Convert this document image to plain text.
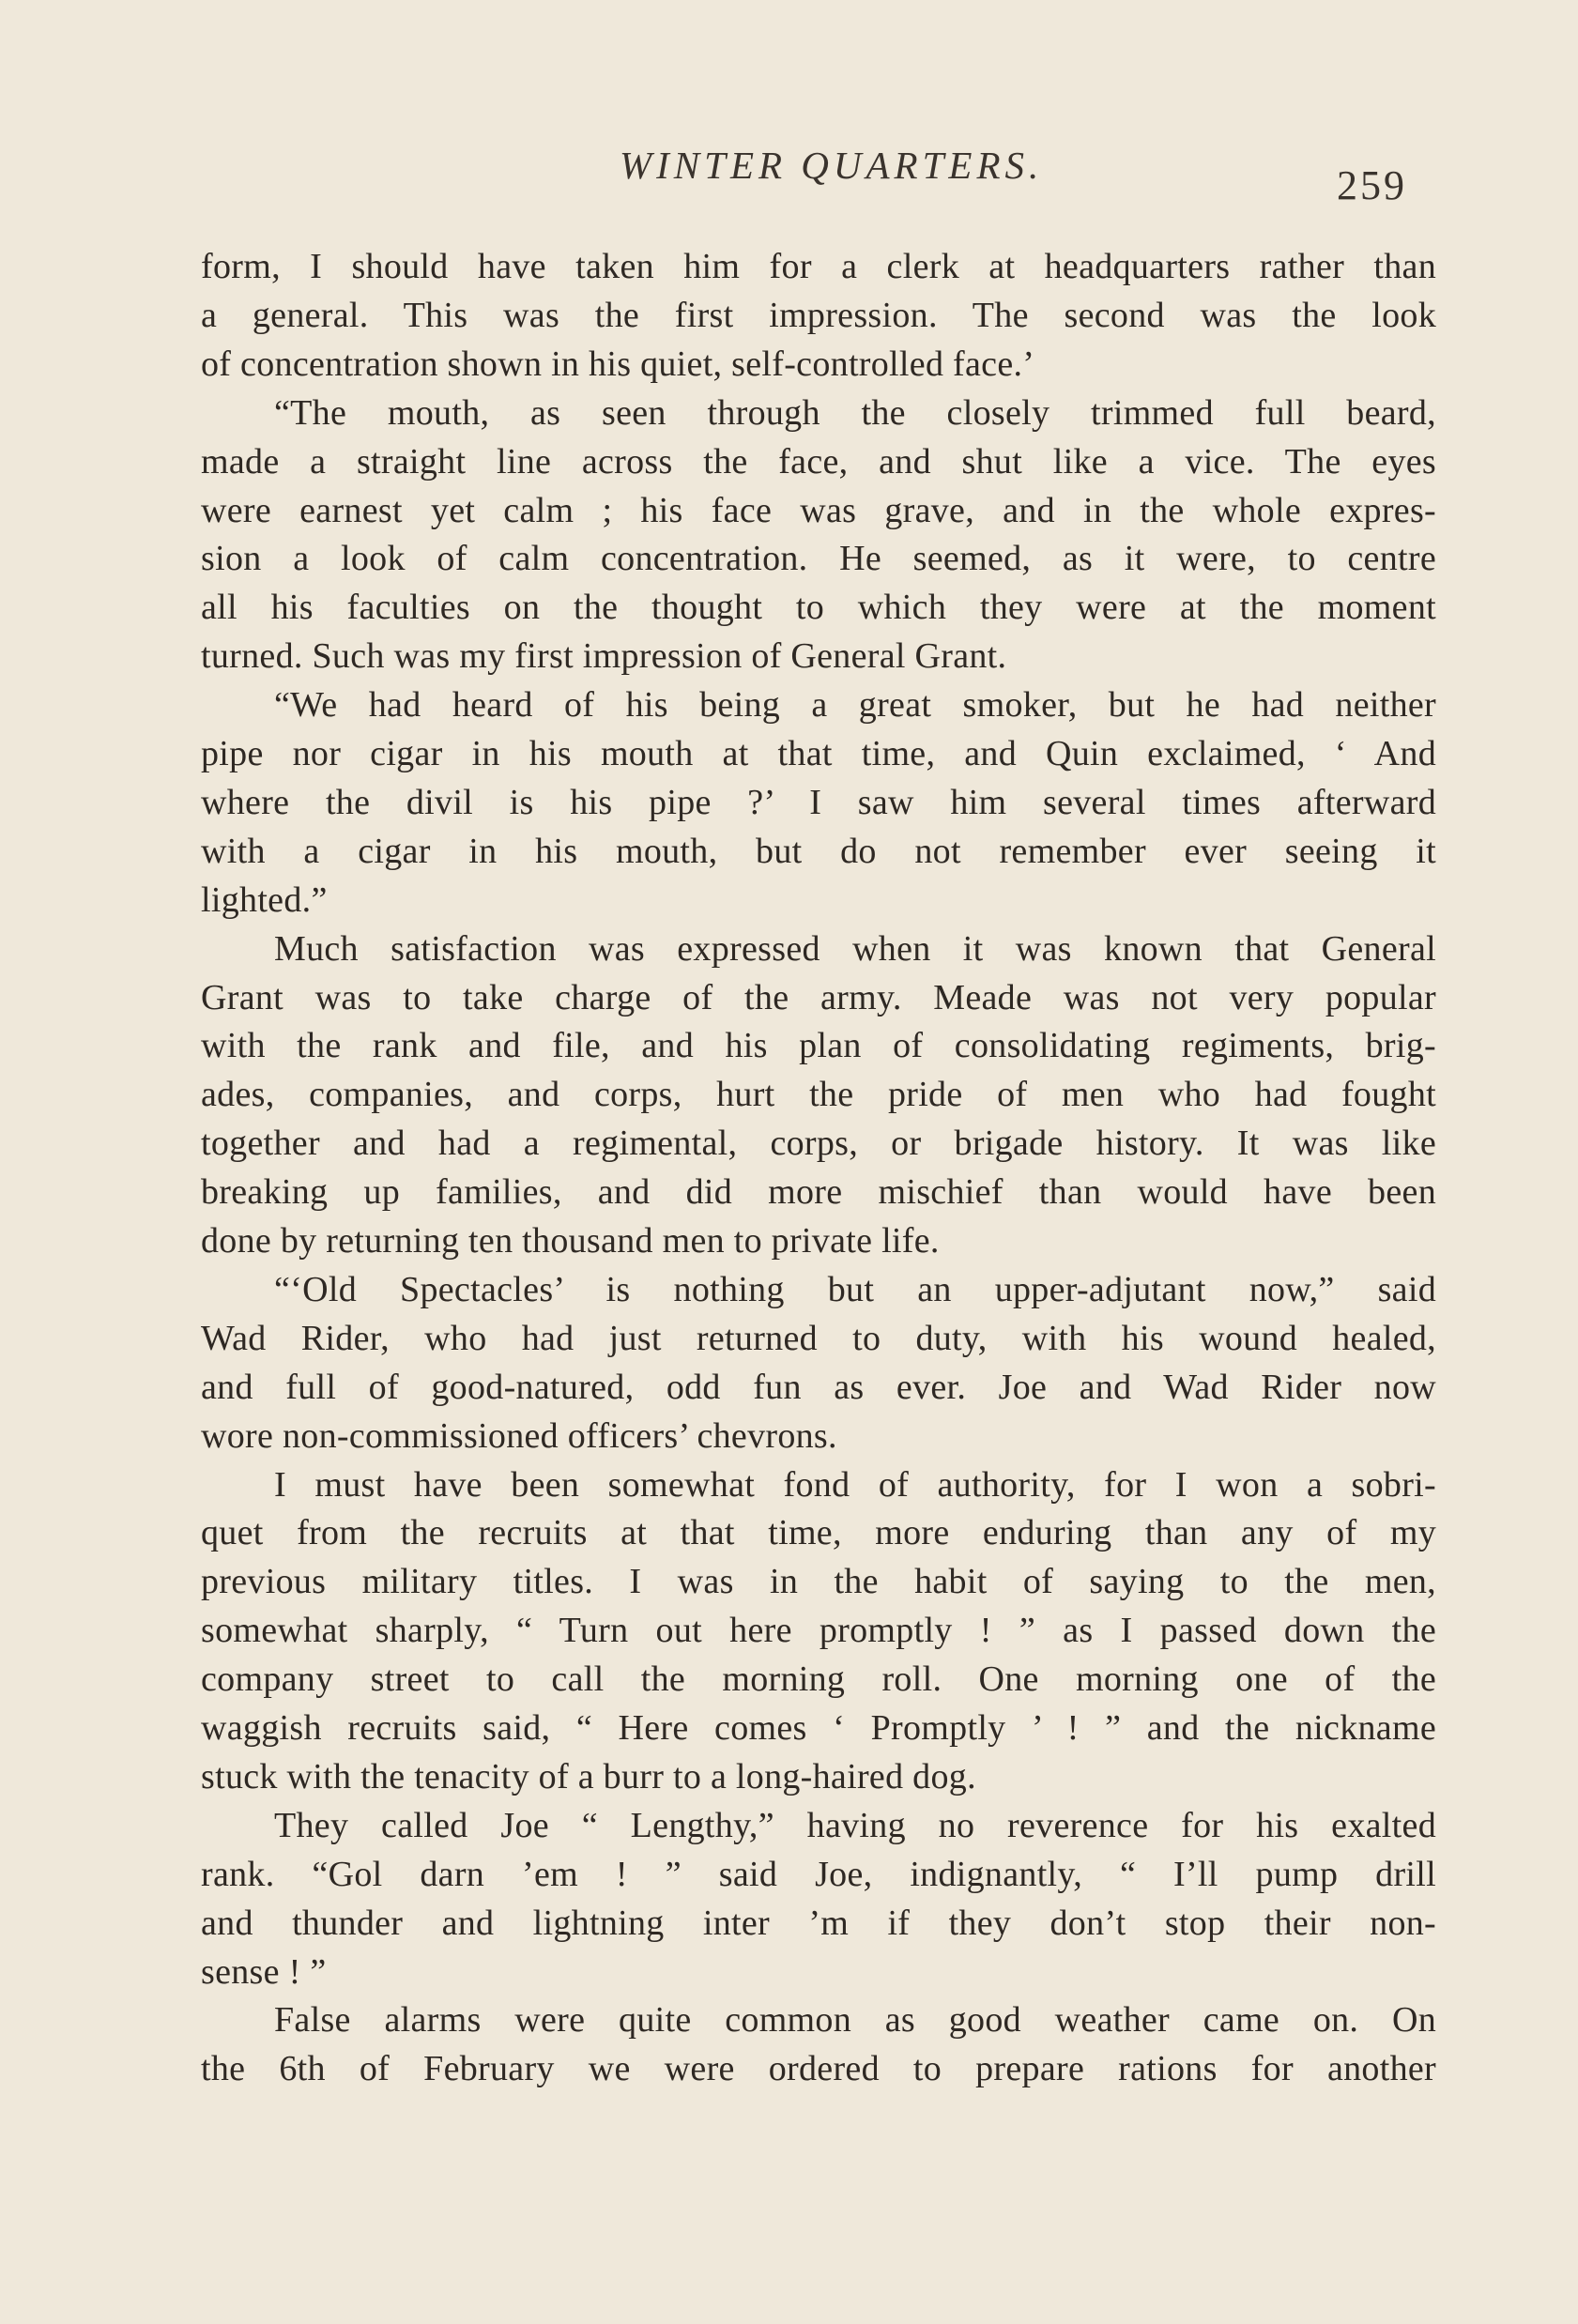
WINTER QUARTERS.	259
form, I should have taken him for a clerk at headquarters rather than
a general. This was the first impression. The second was the look
of concentration shown in his quiet, self-controlled face.’
“The mouth, as seen through the closely trimmed full beard,
made a straight line across the face, and shut like a vice. The eyes
were earnest yet calm ; his face was grave, and in the whole expres-
sion a look of calm concentration. He seemed, as it were, to centre
all his faculties on the thought to which they were at the moment
turned. Such was my first impression of General Grant.
“We had heard of his being a great smoker, but he had neither
pipe nor cigar in his mouth at that time, and Quin exclaimed, ‘ And
where the divil is his pipe ?’ I saw him several times afterward
with a cigar in his mouth, but do not remember ever seeing it
lighted.”
Much satisfaction was expressed when it was known that General
Grant was to take charge of the army. Meade was not very popular
with the rank and file, and his plan of consolidating regiments, brig-
ades, companies, and corps, hurt the pride of men who had fought
together and had a regimental, corps, or brigade history. It was like
breaking up families, and did more mischief than would have been
done by returning ten thousand men to private life.
“‘Old Spectacles’ is nothing but an upper-adjutant now,” said
Wad Rider, who had just returned to duty, with his wound healed,
and full of good-natured, odd fun as ever. Joe and Wad Rider now
wore non-commissioned officers’ chevrons.
I must have been somewhat fond of authority, for I won a sobri-
quet from the recruits at that time, more enduring than any of my
previous military titles. I was in the habit of saying to the men,
somewhat sharply, “ Turn out here promptly ! ” as I passed down the
company street to call the morning roll. One morning one of the
waggish recruits said, “ Here comes ‘ Promptly ’ ! ” and the nickname
stuck with the tenacity of a burr to a long-haired dog.
They called Joe “ Lengthy,” having no reverence for his exalted
rank. “Gol darn ’em ! ” said Joe, indignantly, “ I’ll pump drill
and thunder and lightning inter ’m if they don’t stop their non-
sense ! ”
False alarms were quite common as good weather came on. On
the 6th of February we were ordered to prepare rations for another
